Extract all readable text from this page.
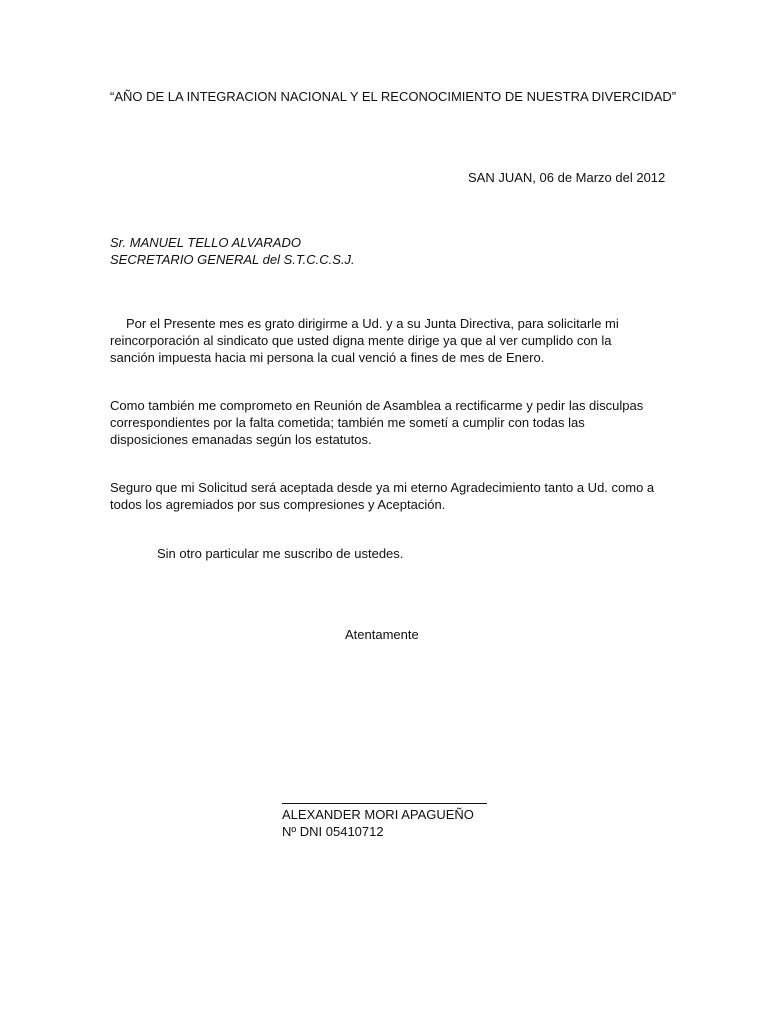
“AÑO DE LA INTEGRACION NACIONAL Y EL RECONOCIMIENTO DE NUESTRA DIVERCIDAD”

SAN JUAN, 06 de Marzo del 2012

Sr. MANUEL TELLO ALVARADO

SECRETARIO GENERAL del S.T.C.C.S.J.

Por el Presente mes es grato dirigirme a Ud. y a su Junta Directiva, para solicitarle mi
reincorporación al sindicato que usted digna mente dirige ya que al ver cumplido con la
sanción impuesta hacia mi persona la cual venció a fines de mes de Enero.
Como también me comprometo en Reunión de Asamblea a rectificarme y pedir las disculpas
correspondientes por la falta cometida; también me sometí a cumplir con todas las
disposiciones emanadas según los estatutos.
Seguro que mi Solicitud será aceptada desde ya mi eterno Agradecimiento tanto a Ud. como a
todos los agremiados por sus compresiones y Aceptación.

Sin otro particular me suscribo de ustedes.

Atentamente

ALEXANDER MORI APAGUEÑO

Nº DNI 05410712
